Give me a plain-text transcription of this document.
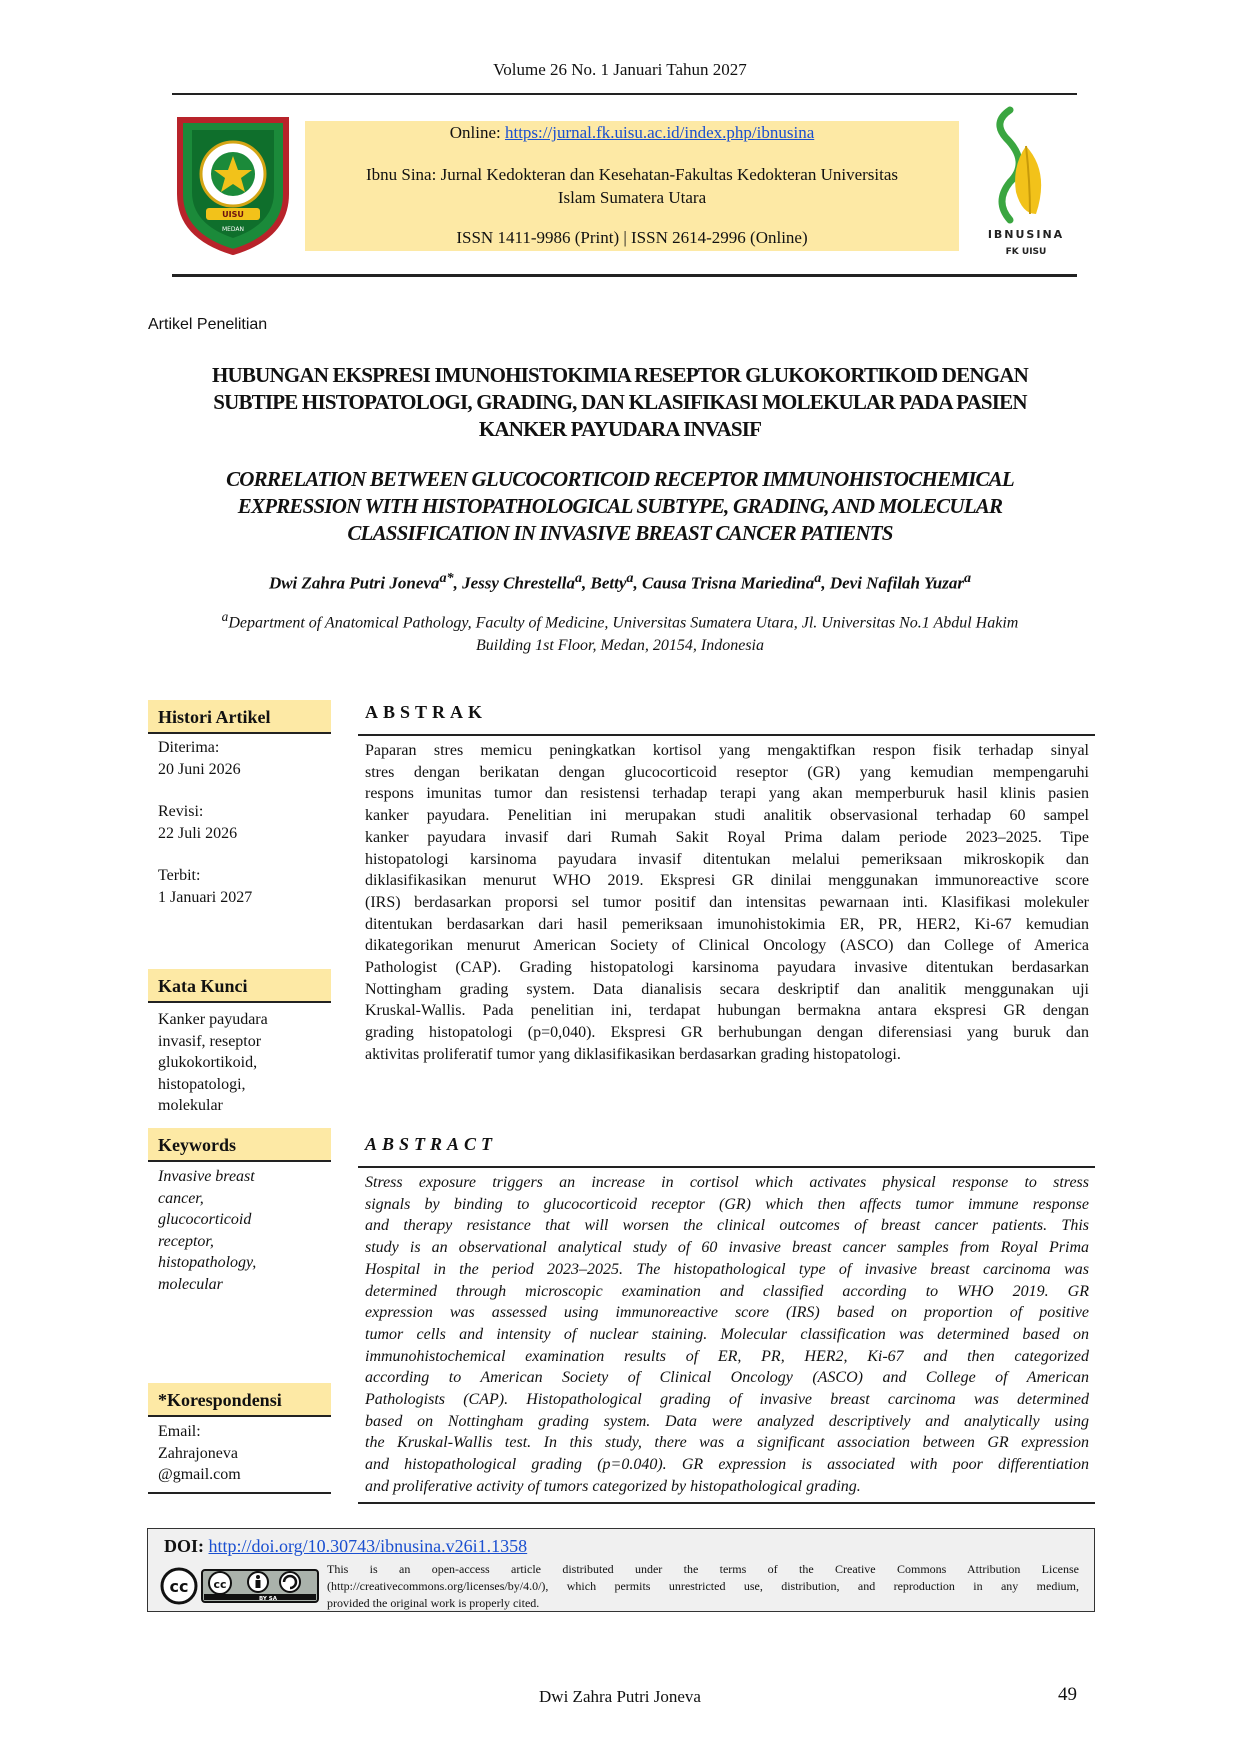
Volume 26 No. 1 Januari Tahun 2027
UISU
MEDAN
Online: https://jurnal.fk.uisu.ac.id/index.php/ibnusina
Ibnu Sina: Jurnal Kedokteran dan Kesehatan-Fakultas Kedokteran Universitas
Islam Sumatera Utara
ISSN 1411-9986 (Print) | ISSN 2614-2996 (Online)	IBNUSINA
FK UISU
Artikel Penelitian
HUBUNGAN EKSPRESI IMUNOHISTOKIMIA RESEPTOR GLUKOKORTIKOID DENGAN
SUBTIPE HISTOPATOLOGI, GRADING, DAN KLASIFIKASI MOLEKULAR PADA PASIEN
KANKER PAYUDARA INVASIF
CORRELATION BETWEEN GLUCOCORTICOID RECEPTOR IMMUNOHISTOCHEMICAL
EXPRESSION WITH HISTOPATHOLOGICAL SUBTYPE, GRADING, AND MOLECULAR
CLASSIFICATION IN INVASIVE BREAST CANCER PATIENTS
Dwi Zahra Putri Joneva$^{a*}$, Jessy Chrestella$^a$, Betty$^a$, Causa Trisna Mariedina$^a$, Devi Nafilah Yuzar$^a$
$^a$Department of Anatomical Pathology, Faculty of Medicine, Universitas Sumatera Utara, Jl. Universitas No.1 Abdul Hakim
Building 1st Floor, Medan, 20154, Indonesia
Histori Artikel
Diterima:
20 Juni 2026
Revisi:
22 Juli 2026
Terbit:
1 Januari 2027
Kata Kunci
Kanker payudara
invasif, reseptor
glukokortikoid,
histopatologi,
molekular
Keywords
Invasive breast
cancer,
glucocorticoid
receptor,
histopathology,
molecular
*Korespondensi
Email:
Zahrajoneva
@gmail.com
ABSTRAK
Paparan stres memicu peningkatkan kortisol yang mengaktifkan respon fisik terhadap sinyal
stres dengan berikatan dengan glucocorticoid reseptor (GR) yang kemudian mempengaruhi
respons imunitas tumor dan resistensi terhadap terapi yang akan memperburuk hasil klinis pasien
kanker payudara. Penelitian ini merupakan studi analitik observasional terhadap 60 sampel
kanker payudara invasif dari Rumah Sakit Royal Prima dalam periode 2023–2025. Tipe
histopatologi karsinoma payudara invasif ditentukan melalui pemeriksaan mikroskopik dan
diklasifikasikan menurut WHO 2019. Ekspresi GR dinilai menggunakan immunoreactive score
(IRS) berdasarkan proporsi sel tumor positif dan intensitas pewarnaan inti. Klasifikasi molekuler
ditentukan berdasarkan dari hasil pemeriksaan imunohistokimia ER, PR, HER2, Ki-67 kemudian
dikategorikan menurut American Society of Clinical Oncology (ASCO) dan College of America
Pathologist (CAP). Grading histopatologi karsinoma payudara invasive ditentukan berdasarkan
Nottingham grading system. Data dianalisis secara deskriptif dan analitik menggunakan uji
Kruskal-Wallis. Pada penelitian ini, terdapat hubungan bermakna antara ekspresi GR dengan
grading histopatologi (p=0,040). Ekspresi GR berhubungan dengan diferensiasi yang buruk dan
aktivitas proliferatif tumor yang diklasifikasikan berdasarkan grading histopatologi.
ABSTRACT
Stress exposure triggers an increase in cortisol which activates physical response to stress
signals by binding to glucocorticoid receptor (GR) which then affects tumor immune response
and therapy resistance that will worsen the clinical outcomes of breast cancer patients. This
study is an observational analytical study of 60 invasive breast cancer samples from Royal Prima
Hospital in the period 2023–2025. The histopathological type of invasive breast carcinoma was
determined through microscopic examination and classified according to WHO 2019. GR
expression was assessed using immunoreactive score (IRS) based on proportion of positive
tumor cells and intensity of nuclear staining. Molecular classification was determined based on
immunohistochemical examination results of ER, PR, HER2, Ki-67 and then categorized
according to American Society of Clinical Oncology (ASCO) and College of American
Pathologists (CAP). Histopathological grading of invasive breast carcinoma was determined
based on Nottingham grading system. Data were analyzed descriptively and analytically using
the Kruskal-Wallis test. In this study, there was a significant association between GR expression
and histopathological grading (p=0.040). GR expression is associated with poor differentiation
and proliferative activity of tumors categorized by histopathological grading.
DOI: http://doi.org/10.30743/ibnusina.v26i1.1358
cc cc
BY SA
This is an open-access article distributed under the terms of the Creative Commons Attribution License
(http://creativecommons.org/licenses/by/4.0/), which permits unrestricted use, distribution, and reproduction in any medium,
provided the original work is properly cited.
Dwi Zahra Putri Joneva	49
